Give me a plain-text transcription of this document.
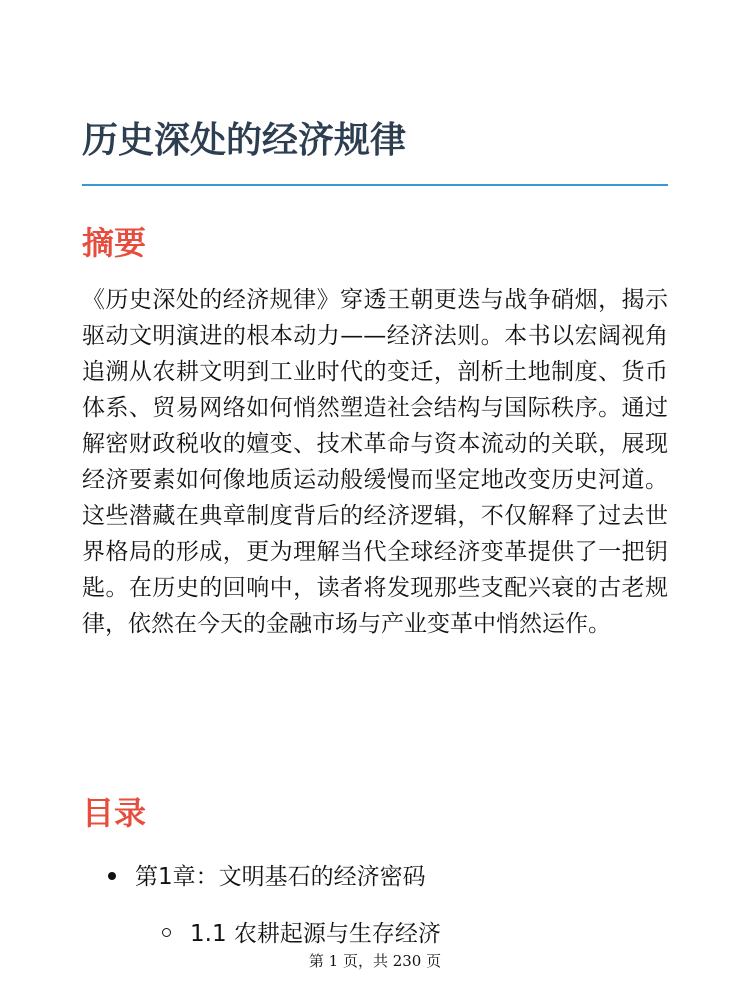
历史深处的经济规律
摘要

《历史深处的经济规律》穿透王朝更迭与战争硝烟，揭示驱动文明演进的根本动力——经济法则。本书以宏阔视角追溯从农耕文明到工业时代的变迁，剖析土地制度、货币体系、贸易网络如何悄然塑造社会结构与国际秩序。通过解密财政税收的嬗变、技术革命与资本流动的关联，展现经济要素如何像地质运动般缓慢而坚定地改变历史河道。这些潜藏在典章制度背后的经济逻辑，不仅解释了过去世界格局的形成，更为理解当代全球经济变革提供了一把钥匙。在历史的回响中，读者将发现那些支配兴衰的古老规律，依然在今天的金融市场与产业变革中悄然运作。

目录
第1章：文明基石的经济密码
1.1 农耕起源与生存经济
第 1 页，共 230 页
